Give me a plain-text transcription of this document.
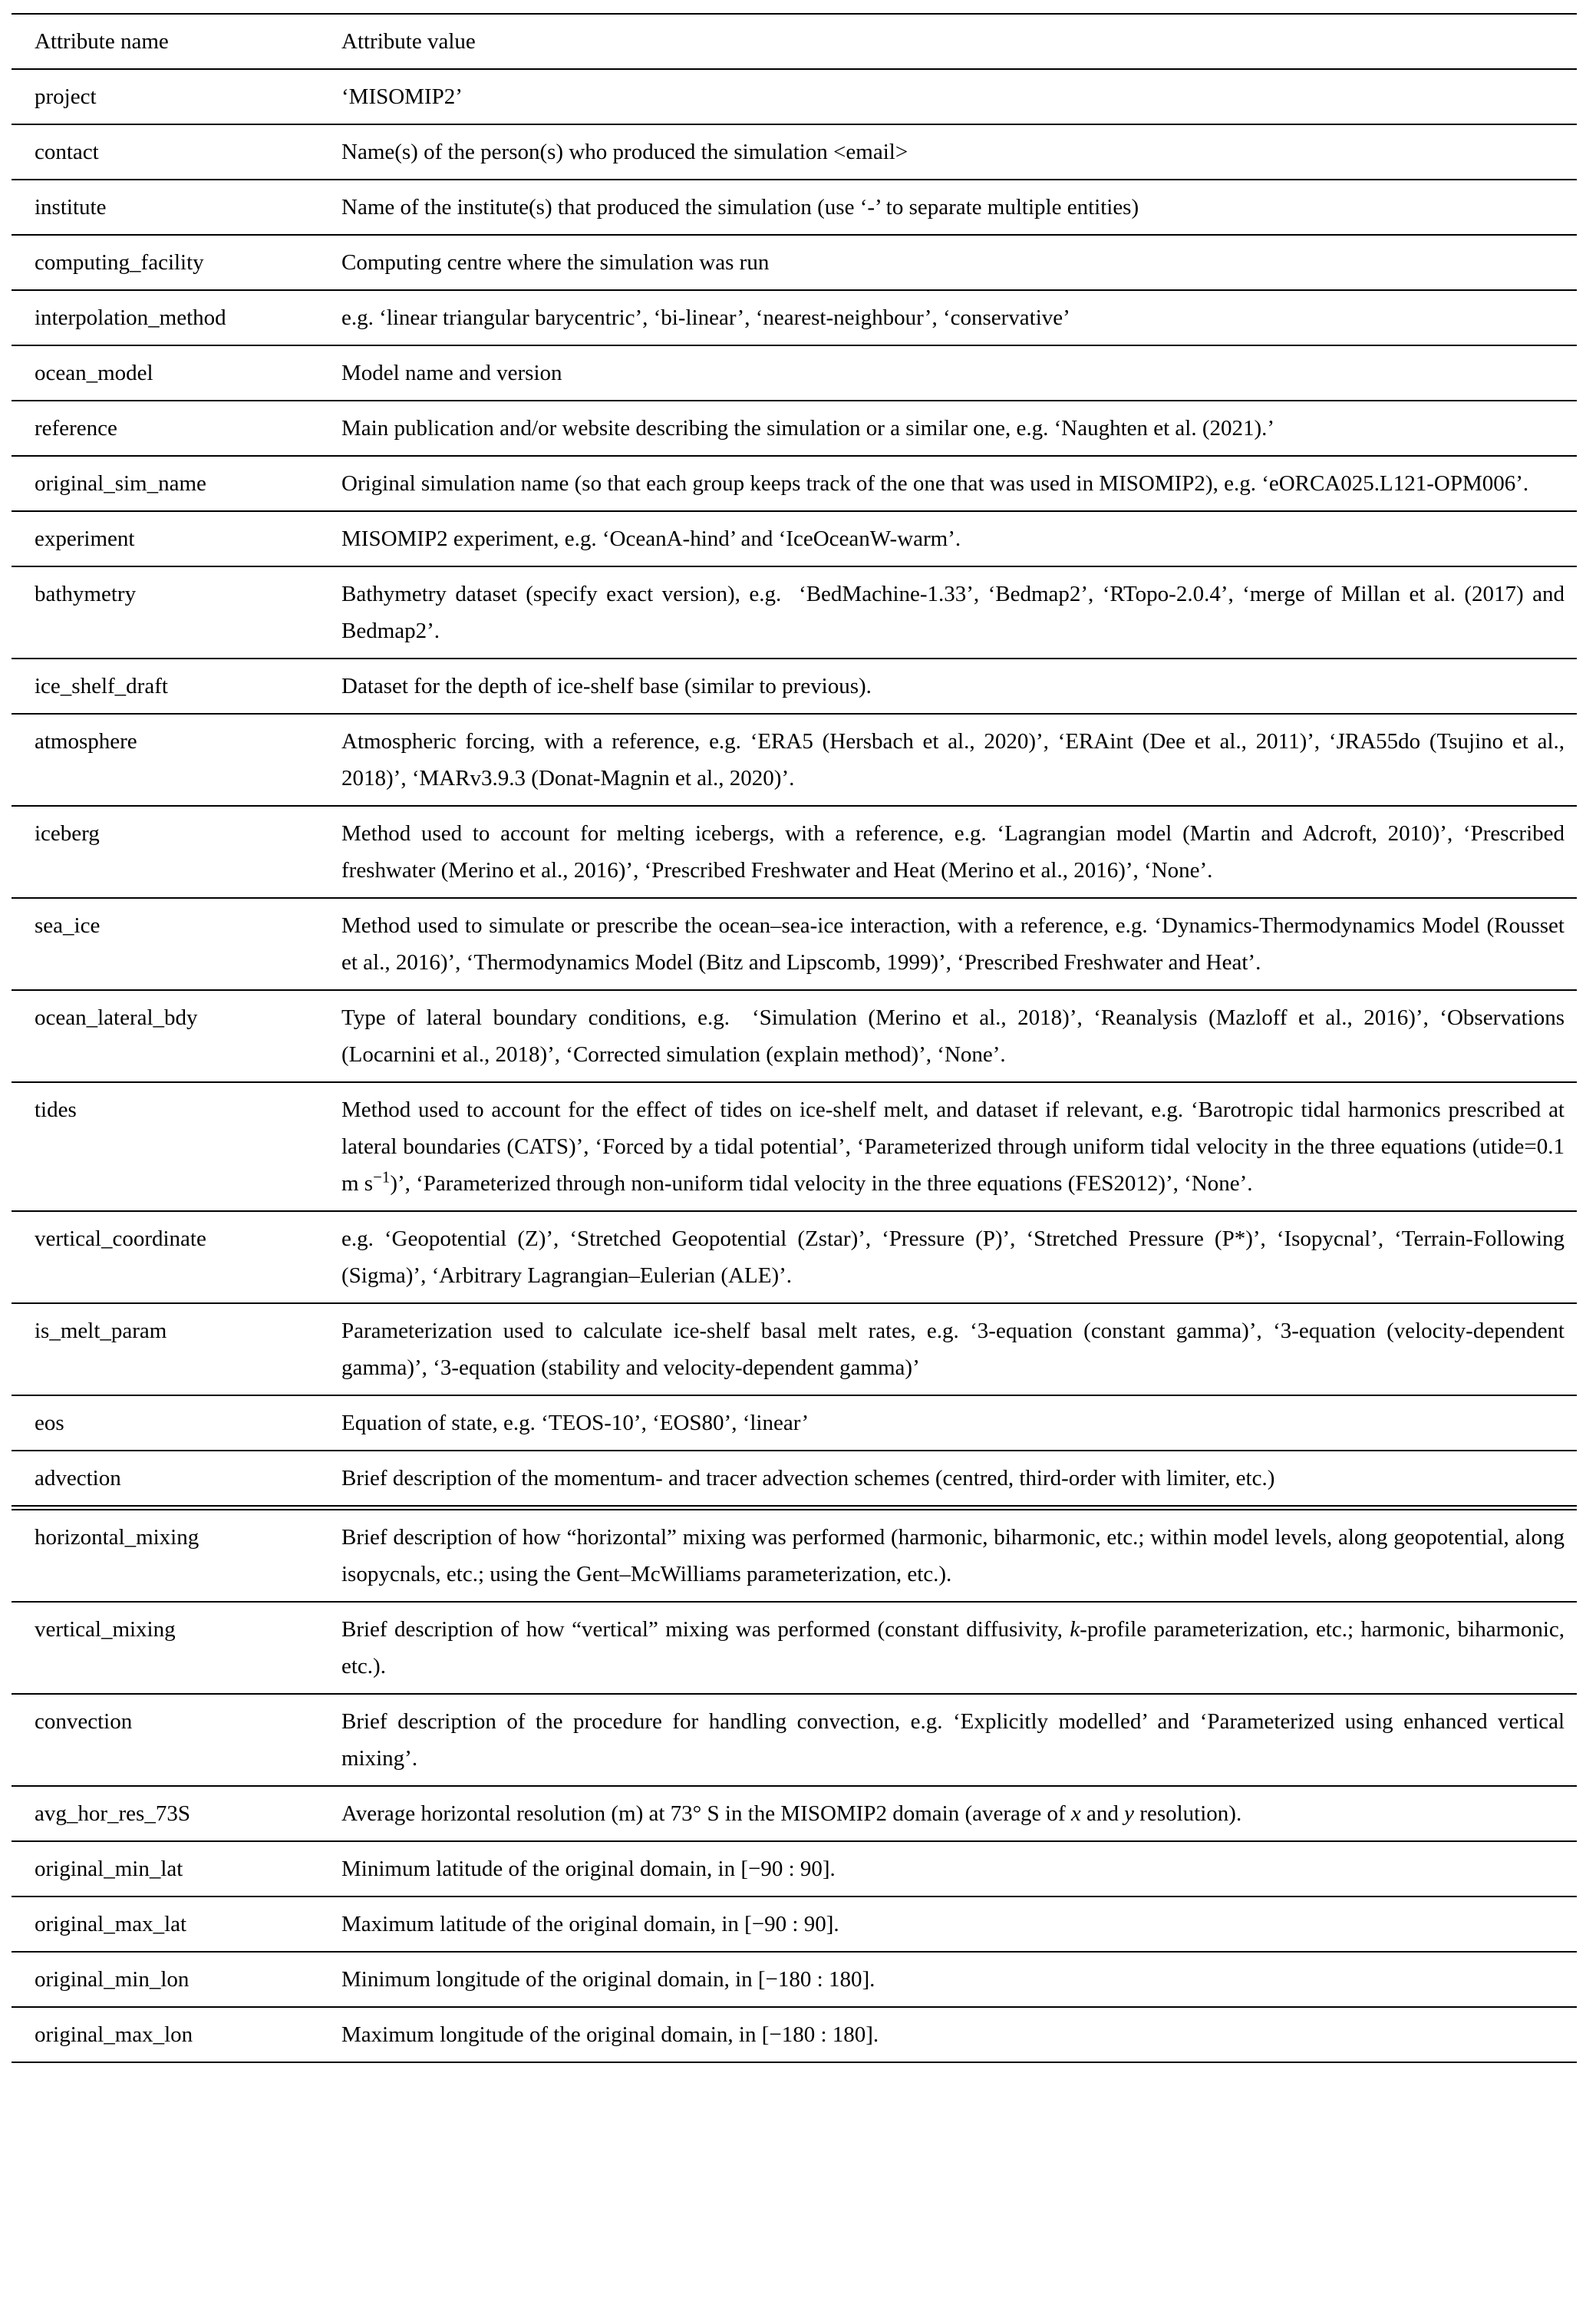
Attribute name	Attribute value
project	‘MISOMIP2’
contact	Name(s) of the person(s) who produced the simulation <email>
institute	Name of the institute(s) that produced the simulation (use ‘-’ to separate multiple entities)
computing_facility	Computing centre where the simulation was run
interpolation_method	e.g. ‘linear triangular barycentric’, ‘bi-linear’, ‘nearest-neighbour’, ‘conservative’
ocean_model	Model name and version
reference	Main publication and/or website describing the simulation or a similar one, e.g. ‘Naughten et al. (2021).’
original_sim_name	Original simulation name (so that each group keeps track of the one that was used in MISOMIP2), e.g. ‘eORCA025.L121-OPM006’.
experiment	MISOMIP2 experiment, e.g. ‘OceanA-hind’ and ‘IceOceanW-warm’.
bathymetry	Bathymetry dataset (specify exact version), e.g.  ‘BedMachine-1.33’, ‘Bedmap2’, ‘RTopo-2.0.4’, ‘merge of Millan et al. (2017) and Bedmap2’.
ice_shelf_draft	Dataset for the depth of ice-shelf base (similar to previous).
atmosphere	Atmospheric forcing, with a reference, e.g. ‘ERA5 (Hersbach et al., 2020)’, ‘ERAint (Dee et al., 2011)’, ‘JRA55do (Tsujino et al., 2018)’, ‘MARv3.9.3 (Donat-Magnin et al., 2020)’.
iceberg	Method used to account for melting icebergs, with a reference, e.g. ‘Lagrangian model (Martin and Adcroft, 2010)’, ‘Prescribed freshwater (Merino et al., 2016)’, ‘Prescribed Freshwater and Heat (Merino et al., 2016)’, ‘None’.
sea_ice	Method used to simulate or prescribe the ocean–sea-ice interaction, with a reference, e.g. ‘Dynamics-Thermodynamics Model (Rousset et al., 2016)’, ‘Thermodynamics Model (Bitz and Lipscomb, 1999)’, ‘Prescribed Freshwater and Heat’.
ocean_lateral_bdy	Type of lateral boundary conditions, e.g.  ‘Simulation (Merino et al., 2018)’, ‘Reanalysis (Mazloff et al., 2016)’, ‘Observations (Locarnini et al., 2018)’, ‘Corrected simulation (explain method)’, ‘None’.
tides	Method used to account for the effect of tides on ice-shelf melt, and dataset if relevant, e.g. ‘Barotropic tidal harmonics prescribed at lateral boundaries (CATS)’, ‘Forced by a tidal potential’, ‘Parameterized through uniform tidal velocity in the three equations (utide=0.1 m $s^{-1}$)’, ‘Parameterized through non-uniform tidal velocity in the three equations (FES2012)’, ‘None’.
vertical_coordinate	e.g. ‘Geopotential (Z)’, ‘Stretched Geopotential (Zstar)’, ‘Pressure (P)’, ‘Stretched Pressure (P*)’, ‘Isopycnal’, ‘Terrain-Following (Sigma)’, ‘Arbitrary Lagrangian–Eulerian (ALE)’.
is_melt_param	Parameterization used to calculate ice-shelf basal melt rates, e.g. ‘3-equation (constant gamma)’, ‘3-equation (velocity-dependent gamma)’, ‘3-equation (stability and velocity-dependent gamma)’
eos	Equation of state, e.g. ‘TEOS-10’, ‘EOS80’, ‘linear’
advection	Brief description of the momentum- and tracer advection schemes (centred, third-order with limiter, etc.)
horizontal_mixing	Brief description of how “horizontal” mixing was performed (harmonic, biharmonic, etc.; within model levels, along geopotential, along isopycnals, etc.; using the Gent–McWilliams parameterization, etc.).
vertical_mixing	Brief description of how “vertical” mixing was performed (constant diffusivity, k-profile parameterization, etc.; harmonic, biharmonic, etc.).
convection	Brief description of the procedure for handling convection, e.g. ‘Explicitly modelled’ and ‘Parameterized using enhanced vertical mixing’.
avg_hor_res_73S	Average horizontal resolution (m) at 73° S in the MISOMIP2 domain (average of x and y resolution).
original_min_lat	Minimum latitude of the original domain, in [−90 : 90].
original_max_lat	Maximum latitude of the original domain, in [−90 : 90].
original_min_lon	Minimum longitude of the original domain, in [−180 : 180].
original_max_lon	Maximum longitude of the original domain, in [−180 : 180].
